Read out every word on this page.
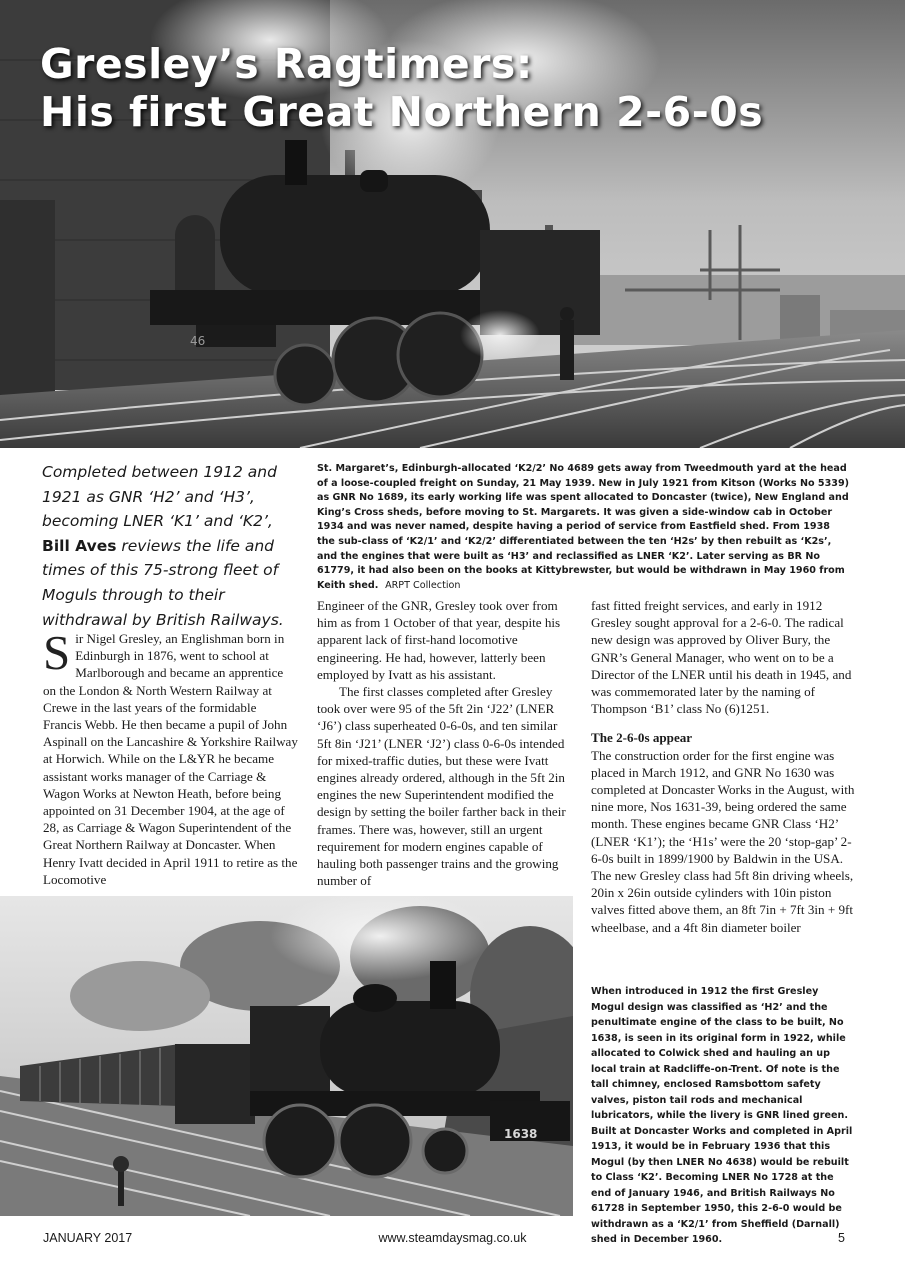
46
Gresley’s Ragtimers:
His first Great Northern 2-6-0s

Completed between 1912 and 1921 as GNR ‘H2’ and ‘H3’, becoming LNER ‘K1’ and ‘K2’, Bill Aves reviews the life and times of this 75-strong fleet of Moguls through to their withdrawal by British Railways.

St. Margaret’s, Edinburgh-allocated ‘K2/2’ No 4689 gets away from Tweedmouth yard at the head of a loose-coupled freight on Sunday, 21 May 1939. New in July 1921 from Kitson (Works No 5339) as GNR No 1689, its early working life was spent allocated to Doncaster (twice), New England and King’s Cross sheds, before moving to St. Margarets. It was given a side-window cab in October 1934 and was never named, despite having a period of service from Eastfield shed. From 1938 the sub-class of ‘K2/1’ and ‘K2/2’ differentiated between the ten ‘H2s’ by then rebuilt as ‘K2s’, and the engines that were built as ‘H3’ and reclassified as LNER ‘K2’. Later serving as BR No 61779, it had also been on the books at Kittybrewster, but would be withdrawn in May 1960 from Keith shed. ARPT Collection

Sir Nigel Gresley, an Englishman born in Edinburgh in 1876, went to school at Marlborough and became an apprentice on the London & North Western Railway at Crewe in the last years of the formidable Francis Webb. He then became a pupil of John Aspinall on the Lancashire & Yorkshire Railway at Horwich. While on the L&YR he became assistant works manager of the Carriage & Wagon Works at Newton Heath, before being appointed on 31 December 1904, at the age of 28, as Carriage & Wagon Superintendent of the Great Northern Railway at Doncaster. When Henry Ivatt decided in April 1911 to retire as the Locomotive

Engineer of the GNR, Gresley took over from him as from 1 October of that year, despite his apparent lack of first-hand locomotive engineering. He had, however, latterly been employed by Ivatt as his assistant.

The first classes completed after Gresley took over were 95 of the 5ft 2in ‘J22’ (LNER ‘J6’) class superheated 0-6-0s, and ten similar 5ft 8in ‘J21’ (LNER ‘J2’) class 0-6-0s intended for mixed-traffic duties, but these were Ivatt engines already ordered, although in the 5ft 2in engines the new Superintendent modified the design by setting the boiler farther back in their frames. There was, however, still an urgent requirement for modern engines capable of hauling both passenger trains and the growing number of

fast fitted freight services, and early in 1912 Gresley sought approval for a 2-6-0. The radical new design was approved by Oliver Bury, the GNR’s General Manager, who went on to be a Director of the LNER until his death in 1945, and was commemorated later by the naming of Thompson ‘B1’ class No (6)1251.

The 2-6-0s appear

The construction order for the first engine was placed in March 1912, and GNR No 1630 was completed at Doncaster Works in the August, with nine more, Nos 1631-39, being ordered the same month. These engines became GNR Class ‘H2’ (LNER ‘K1’); the ‘H1s’ were the 20 ‘stop-gap’ 2-6-0s built in 1899/1900 by Baldwin in the USA. The new Gresley class had 5ft 8in driving wheels, 20in x 26in outside cylinders with 10in piston valves fitted above them, an 8ft 7in + 7ft 3in + 9ft wheelbase, and a 4ft 8in diameter boiler

1638

When introduced in 1912 the first Gresley Mogul design was classified as ‘H2’ and the penultimate engine of the class to be built, No 1638, is seen in its original form in 1922, while allocated to Colwick shed and hauling an up local train at Radcliffe-on-Trent. Of note is the tall chimney, enclosed Ramsbottom safety valves, piston tail rods and mechanical lubricators, while the livery is GNR lined green. Built at Doncaster Works and completed in April 1913, it would be in February 1936 that this Mogul (by then LNER No 4638) would be rebuilt to Class ‘K2’. Becoming LNER No 1728 at the end of January 1946, and British Railways No 61728 in September 1950, this 2-6-0 would be withdrawn as a ‘K2/1’ from Sheffield (Darnall) shed in December 1960.

JANUARY 2017	www.steamdaysmag.co.uk	5
